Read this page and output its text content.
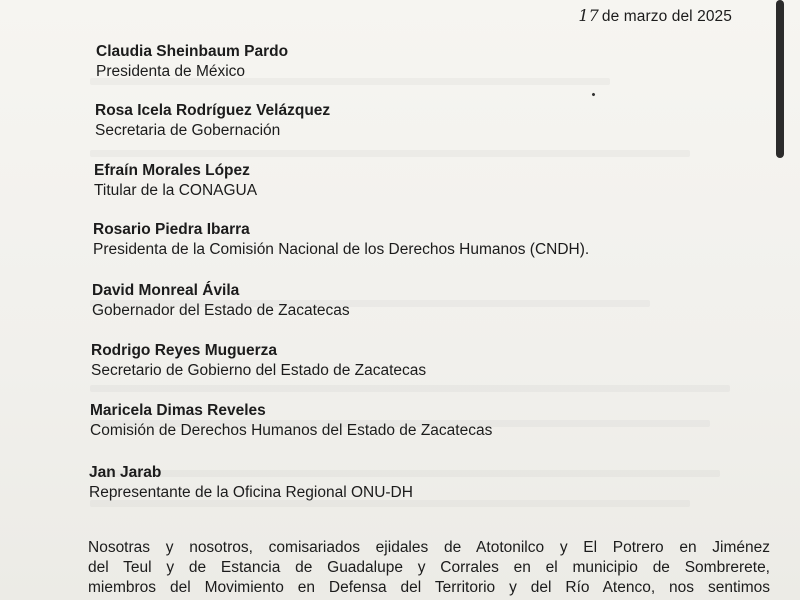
17 de marzo del 2025
Claudia Sheinbaum Pardo
Presidenta de México
Rosa Icela Rodríguez Velázquez
Secretaria de Gobernación
Efraín Morales López
Titular de la CONAGUA
Rosario Piedra Ibarra
Presidenta de la Comisión Nacional de los Derechos Humanos (CNDH).
David Monreal Ávila
Gobernador del Estado de Zacatecas
Rodrigo Reyes Muguerza
Secretario de Gobierno del Estado de Zacatecas
Maricela Dimas Reveles
Comisión de Derechos Humanos del Estado de Zacatecas
Jan Jarab
Representante de la Oficina Regional ONU-DH
Nosotras y nosotros, comisariados ejidales de Atotonilco y El Potrero en Jiménez
del Teul y de Estancia de Guadalupe y Corrales en el municipio de Sombrerete,
miembros del Movimiento en Defensa del Territorio y del Río Atenco, nos sentimos
